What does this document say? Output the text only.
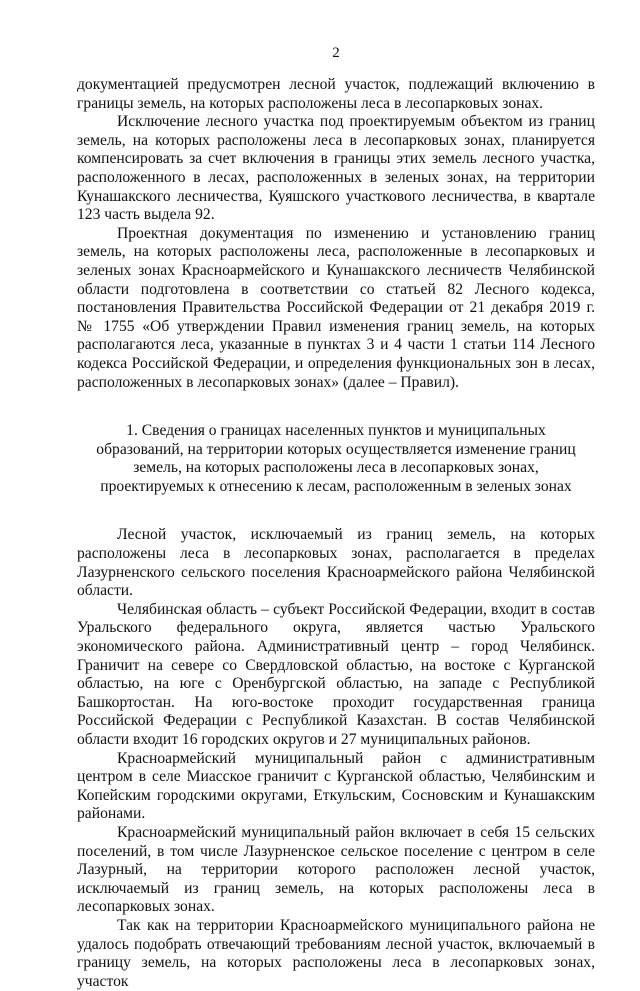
2

документацией предусмотрен лесной участок, подлежащий включению в границы земель, на которых расположены леса в лесопарковых зонах.

Исключение лесного участка под проектируемым объектом из границ земель, на которых расположены леса в лесопарковых зонах, планируется компенсировать за счет включения в границы этих земель лесного участка, расположенного в лесах, расположенных в зеленых зонах, на территории Кунашакского лесничества, Куяшского участкового лесничества, в квартале 123 часть выдела 92.

Проектная документация по изменению и установлению границ земель, на которых расположены леса, расположенные в лесопарковых и зеленых зонах Красноармейского и Кунашакского лесничеств Челябинской области подготовлена в соответствии со статьей 82 Лесного кодекса, постановления Правительства Российской Федерации от 21 декабря 2019 г. № 1755 «Об утверждении Правил изменения границ земель, на которых располагаются леса, указанные в пунктах 3 и 4 части 1 статьи 114 Лесного кодекса Российской Федерации, и определения функциональных зон в лесах, расположенных в лесопарковых зонах» (далее – Правил).

1. Сведения о границах населенных пунктов и муниципальных образований, на территории которых осуществляется изменение границ земель, на которых расположены леса в лесопарковых зонах, проектируемых к отнесению к лесам, расположенным в зеленых зонах

Лесной участок, исключаемый из границ земель, на которых расположены леса в лесопарковых зонах, располагается в пределах Лазурненского сельского поселения Красноармейского района Челябинской области.

Челябинская область – субъект Российской Федерации, входит в состав Уральского федерального округа, является частью Уральского экономического района. Административный центр – город Челябинск. Граничит на севере со Свердловской областью, на востоке с Курганской областью, на юге с Оренбургской областью, на западе с Республикой Башкортостан. На юго-востоке проходит государственная граница Российской Федерации с Республикой Казахстан. В состав Челябинской области входит 16 городских округов и 27 муниципальных районов.

Красноармейский муниципальный район с административным центром в селе Миасское граничит с Курганской областью, Челябинским и Копейским городскими округами, Еткульским, Сосновским и Кунашакским районами.

Красноармейский муниципальный район включает в себя 15 сельских поселений, в том числе Лазурненское сельское поселение с центром в селе Лазурный, на территории которого расположен лесной участок, исключаемый из границ земель, на которых расположены леса в лесопарковых зонах.

Так как на территории Красноармейского муниципального района не удалось подобрать отвечающий требованиям лесной участок, включаемый в границу земель, на которых расположены леса в лесопарковых зонах, участок
